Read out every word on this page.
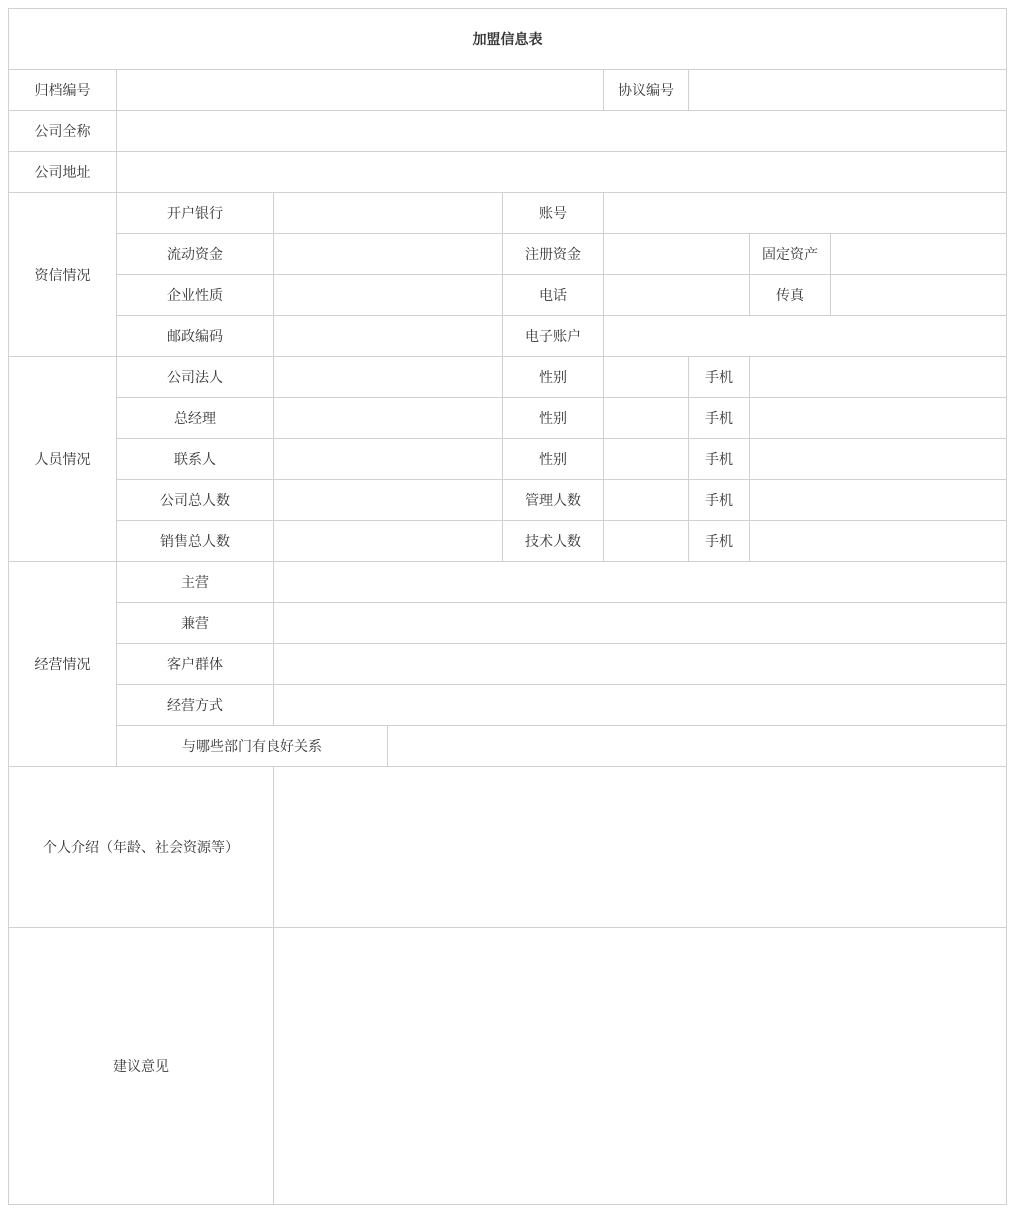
加盟信息表								
归档编号					协议编号			
公司全称								
公司地址								
资信情况	开户银行			账号				
	流动资金			注册资金			固定资产	
	企业性质			电话			传真	
	邮政编码			电子账户				
人员情况	公司法人			性别		手机		
	总经理			性别		手机		
	联系人			性别		手机		
	公司总人数			管理人数		手机		
	销售总人数			技术人数		手机		
经营情况	主营							
	兼营							
	客户群体							
	经营方式							
	与哪些部门有良好关系							
个人介绍（年龄、社会资源等）								
建议意见								
